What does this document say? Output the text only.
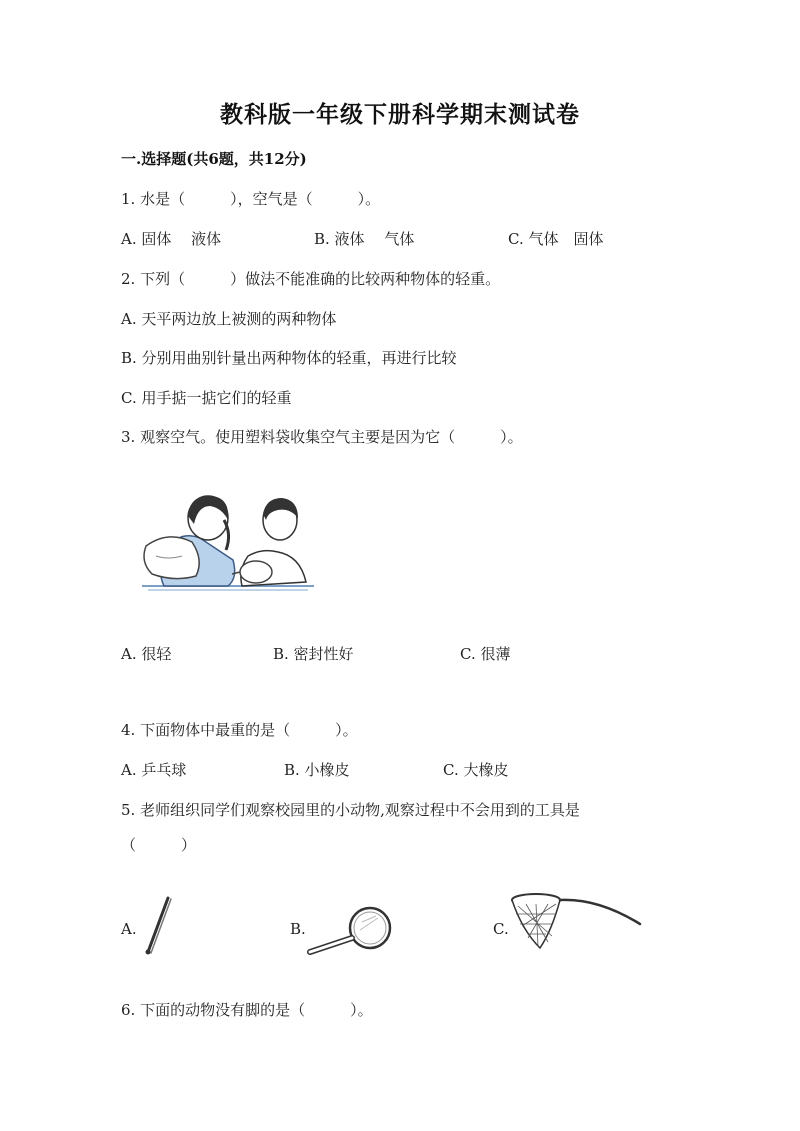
教科版一年级下册科学期末测试卷
一.选择题(共6题，共12分)
1. 水是（　　　），空气是（　　　）。
A. 固体　 液体	B. 液体　 气体	C. 气体　固体
2. 下列（　　　）做法不能准确的比较两种物体的轻重。
A. 天平两边放上被测的两种物体
B. 分别用曲别针量出两种物体的轻重，再进行比较
C. 用手掂一掂它们的轻重
3. 观察空气。使用塑料袋收集空气主要是因为它（　　　）。
A. 很轻	B. 密封性好	C. 很薄
4. 下面物体中最重的是（　　　）。
A. 乒乓球	B. 小橡皮	C. 大橡皮
5. 老师组织同学们观察校园里的小动物,观察过程中不会用到的工具是
（　　　）
A.	B.	C.
6. 下面的动物没有脚的是（　　　）。
